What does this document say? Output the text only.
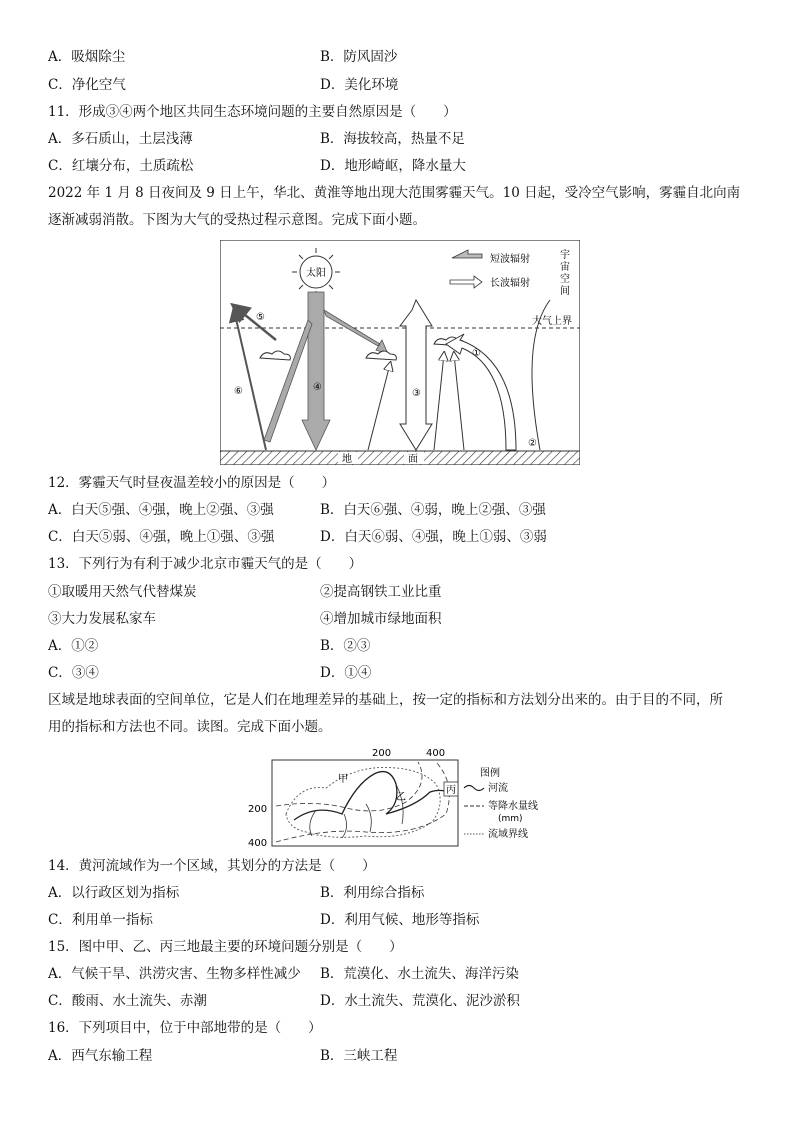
A．吸烟除尘	B．防风固沙
C．净化空气	D．美化环境
11．形成③④两个地区共同生态环境问题的主要自然原因是（　　）
A．多石质山，土层浅薄	B．海拔较高，热量不足
C．红壤分布，土质疏松	D．地形崎岖，降水量大
2022 年 1 月 8 日夜间及 9 日上午，华北、黄淮等地出现大范围雾霾天气。10 日起，受冷空气影响，雾霾自北向南
逐渐减弱消散。下图为大气的受热过程示意图。完成下面小题。
大气上界
宇
宙
空
间
短波辐射
长波辐射
太阳
④
⑤
⑥	③
①
②
地	面
12．雾霾天气时昼夜温差较小的原因是（　　）
A．白天⑤强、④强，晚上②强、③强	B．白天⑥强、④弱，晚上②强、③强
C．白天⑤弱、④强，晚上①强、③强	D．白天⑥弱、④强，晚上①弱、③弱
13．下列行为有利于减少北京市霾天气的是（　　）
①取暖用天然气代替煤炭	②提高钢铁工业比重
③大力发展私家车	④增加城市绿地面积
A．①②	B．②③
C．③④	D．①④
区域是地球表面的空间单位，它是人们在地理差异的基础上，按一定的指标和方法划分出来的。由于目的不同，所
用的指标和方法也不同。读图。完成下面小题。
200	400
200
400
甲
乙
丙
图例
河流
等降水量线
(mm)
流域界线
14．黄河流域作为一个区域，其划分的方法是（　　）
A．以行政区划为指标	B．利用综合指标
C．利用单一指标	D．利用气候、地形等指标
15．图中甲、乙、丙三地最主要的环境问题分别是（　　）
A．气候干旱、洪涝灾害、生物多样性减少 B．荒漠化、水土流失、海洋污染
C．酸雨、水土流失、赤潮	D．水土流失、荒漠化、泥沙淤积
16．下列项目中，位于中部地带的是（　　）
A．西气东输工程	B．三峡工程
